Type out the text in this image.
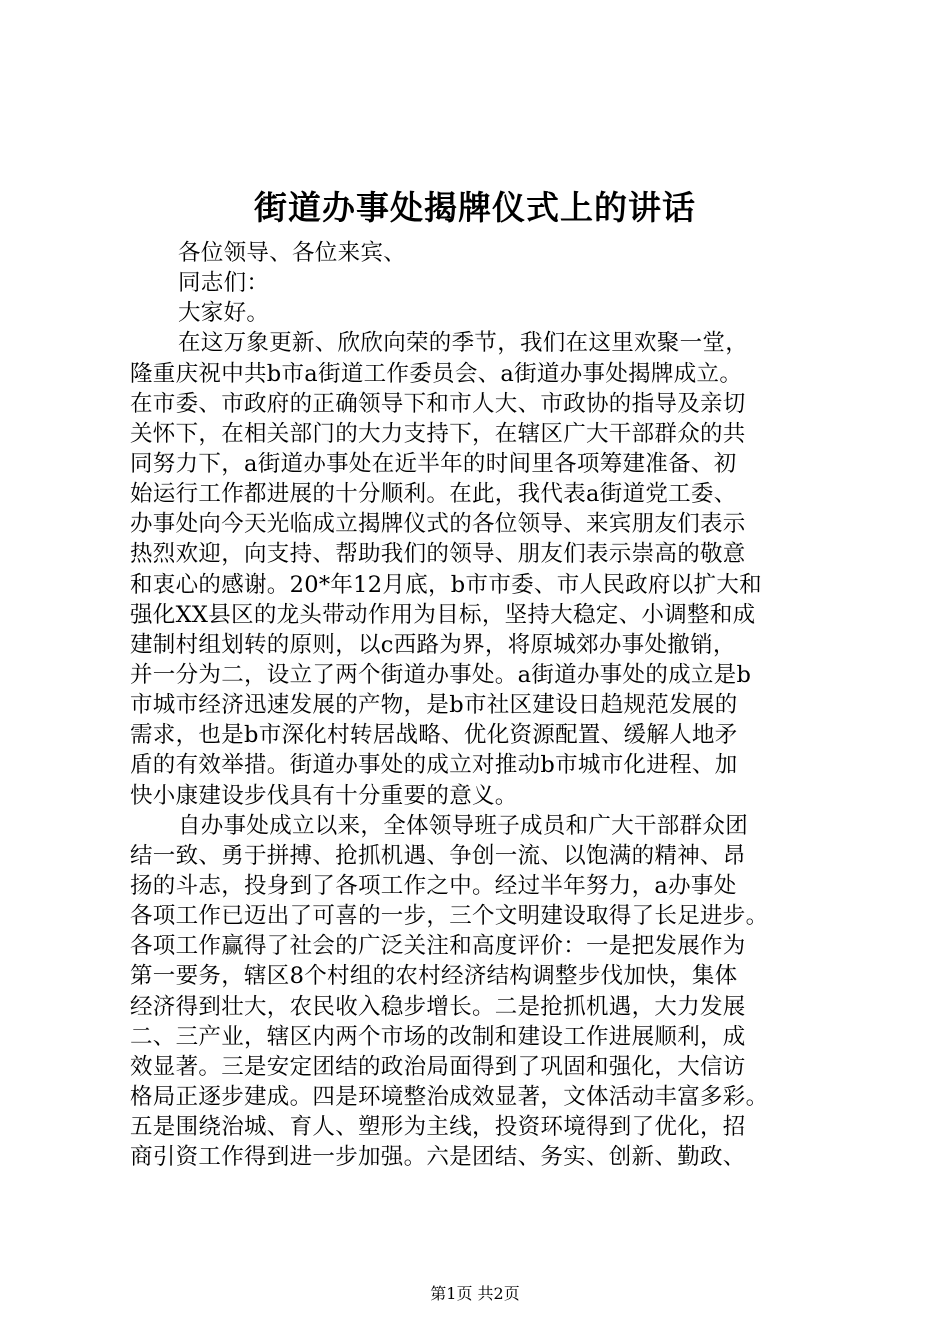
街道办事处揭牌仪式上的讲话
各位领导、各位来宾、
同志们：
大家好。
在这万象更新、欣欣向荣的季节，我们在这里欢聚一堂，
隆重庆祝中共b市a街道工作委员会、a街道办事处揭牌成立。
在市委、市政府的正确领导下和市人大、市政协的指导及亲切
关怀下，在相关部门的大力支持下，在辖区广大干部群众的共
同努力下，a街道办事处在近半年的时间里各项筹建准备、初
始运行工作都进展的十分顺利。在此，我代表a街道党工委、
办事处向今天光临成立揭牌仪式的各位领导、来宾朋友们表示
热烈欢迎，向支持、帮助我们的领导、朋友们表示崇高的敬意
和衷心的感谢。20*年12月底，b市市委、市人民政府以扩大和
强化XX县区的龙头带动作用为目标，坚持大稳定、小调整和成
建制村组划转的原则，以c西路为界，将原城郊办事处撤销，
并一分为二，设立了两个街道办事处。a街道办事处的成立是b
市城市经济迅速发展的产物，是b市社区建设日趋规范发展的
需求，也是b市深化村转居战略、优化资源配置、缓解人地矛
盾的有效举措。街道办事处的成立对推动b市城市化进程、加
快小康建设步伐具有十分重要的意义。
自办事处成立以来，全体领导班子成员和广大干部群众团
结一致、勇于拼搏、抢抓机遇、争创一流、以饱满的精神、昂
扬的斗志，投身到了各项工作之中。经过半年努力，a办事处
各项工作已迈出了可喜的一步，三个文明建设取得了长足进步。
各项工作赢得了社会的广泛关注和高度评价：一是把发展作为
第一要务，辖区8个村组的农村经济结构调整步伐加快，集体
经济得到壮大，农民收入稳步增长。二是抢抓机遇，大力发展
二、三产业，辖区内两个市场的改制和建设工作进展顺利，成
效显著。三是安定团结的政治局面得到了巩固和强化，大信访
格局正逐步建成。四是环境整治成效显著，文体活动丰富多彩。
五是围绕治城、育人、塑形为主线，投资环境得到了优化，招
商引资工作得到进一步加强。六是团结、务实、创新、勤政、
第1页 共2页
